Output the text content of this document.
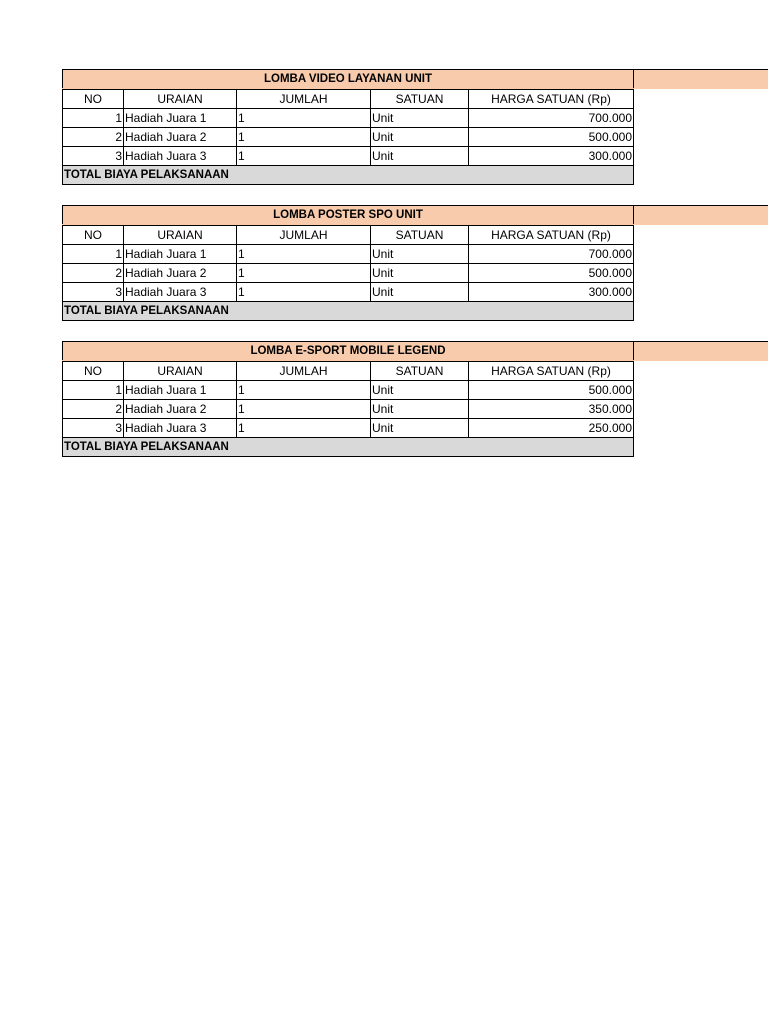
LOMBA VIDEO LAYANAN UNIT
NO	URAIAN	JUMLAH	SATUAN	HARGA SATUAN (Rp)
1	Hadiah Juara 1	1	Unit	700.000
2	Hadiah Juara 2	1	Unit	500.000
3	Hadiah Juara 3	1	Unit	300.000
TOTAL BIAYA PELAKSANAAN				
LOMBA POSTER SPO UNIT
NO	URAIAN	JUMLAH	SATUAN	HARGA SATUAN (Rp)
1	Hadiah Juara 1	1	Unit	700.000
2	Hadiah Juara 2	1	Unit	500.000
3	Hadiah Juara 3	1	Unit	300.000
TOTAL BIAYA PELAKSANAAN				
LOMBA E-SPORT MOBILE LEGEND
NO	URAIAN	JUMLAH	SATUAN	HARGA SATUAN (Rp)
1	Hadiah Juara 1	1	Unit	500.000
2	Hadiah Juara 2	1	Unit	350.000
3	Hadiah Juara 3	1	Unit	250.000
TOTAL BIAYA PELAKSANAAN				
